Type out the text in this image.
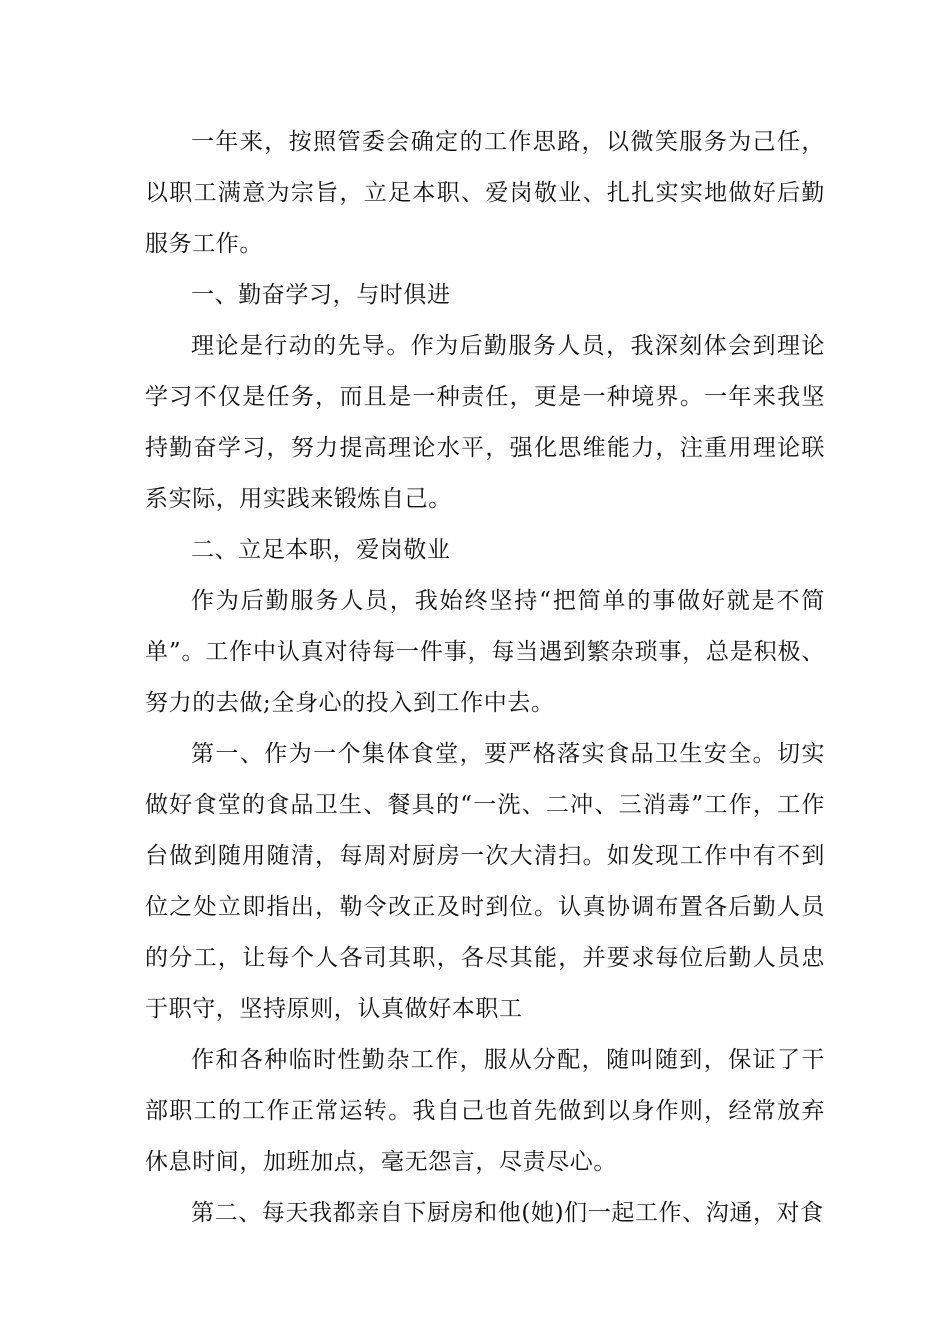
一年来，按照管委会确定的工作思路，以微笑服务为己任，以职工满意为宗旨，立足本职、爱岗敬业、扎扎实实地做好后勤服务工作。

一、勤奋学习，与时俱进

理论是行动的先导。作为后勤服务人员，我深刻体会到理论学习不仅是任务，而且是一种责任，更是一种境界。一年来我坚持勤奋学习，努力提高理论水平，强化思维能力，注重用理论联系实际，用实践来锻炼自己。

二、立足本职，爱岗敬业

作为后勤服务人员，我始终坚持“把简单的事做好就是不简单”。工作中认真对待每一件事，每当遇到繁杂琐事，总是积极、努力的去做;全身心的投入到工作中去。

第一、作为一个集体食堂，要严格落实食品卫生安全。切实做好食堂的食品卫生、餐具的“一洗、二冲、三消毒”工作，工作台做到随用随清，每周对厨房一次大清扫。如发现工作中有不到位之处立即指出，勒令改正及时到位。认真协调布置各后勤人员的分工，让每个人各司其职，各尽其能，并要求每位后勤人员忠于职守，坚持原则，认真做好本职工

作和各种临时性勤杂工作，服从分配，随叫随到，保证了干部职工的工作正常运转。我自己也首先做到以身作则，经常放弃休息时间，加班加点，毫无怨言，尽责尽心。

第二、每天我都亲自下厨房和他(她)们一起工作、沟通，对食
